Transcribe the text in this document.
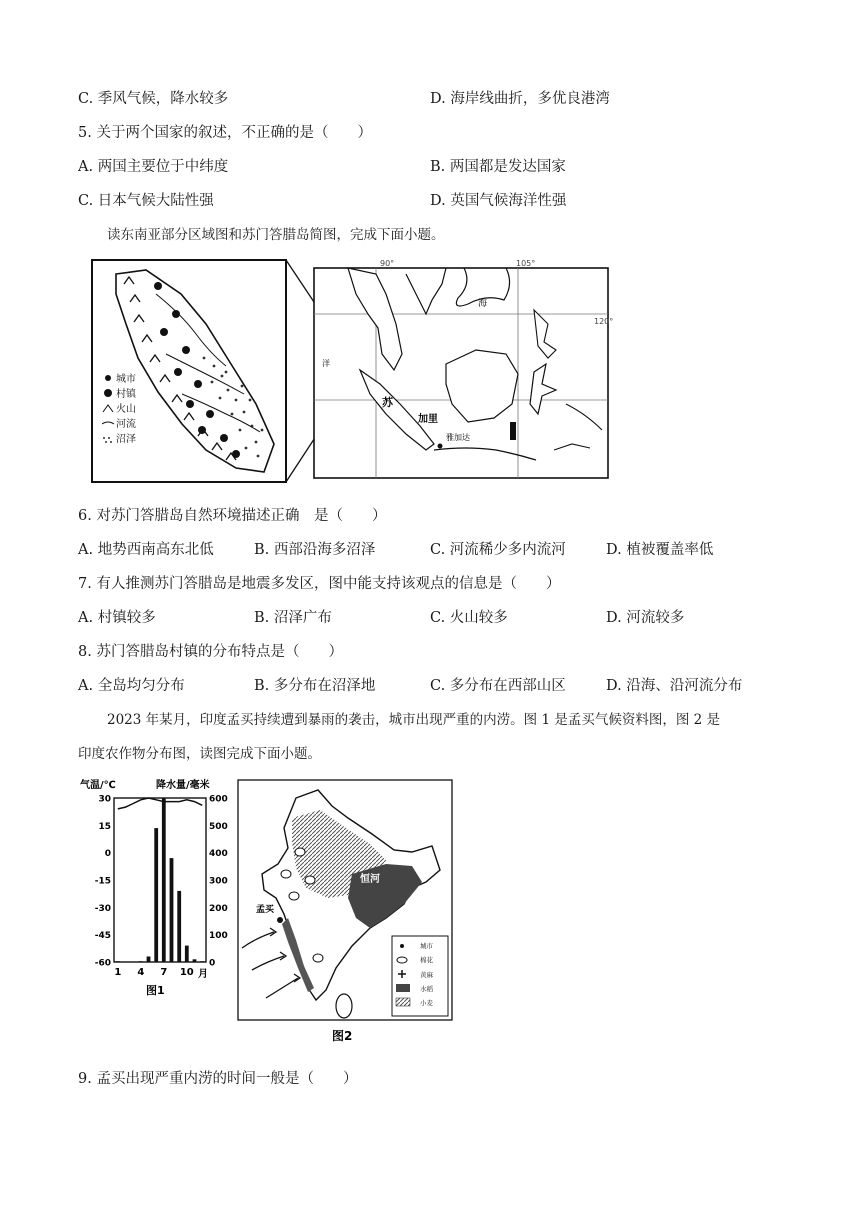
C. 季风气候，降水较多	D. 海岸线曲折，多优良港湾
5. 关于两个国家的叙述，不正确的是（　　）
A. 两国主要位于中纬度	B. 两国都是发达国家
C. 日本气候大陆性强	D. 英国气候海洋性强
读东南亚部分区域图和苏门答腊岛简图，完成下面小题。
城市
村镇
火山
河流
沼泽
90°	105°
120°
海
苏
加里
雅加达
洋
6. 对苏门答腊岛自然环境描述正确　是（　　）
A. 地势西南高东北低	B. 西部沿海多沼泽	C. 河流稀少多内流河	D. 植被覆盖率低
7. 有人推测苏门答腊岛是地震多发区，图中能支持该观点的信息是（　　）
A. 村镇较多	B. 沼泽广布	C. 火山较多	D. 河流较多
8. 苏门答腊岛村镇的分布特点是（　　）
A. 全岛均匀分布	B. 多分布在沼泽地	C. 多分布在西部山区	D. 沿海、沿河流分布
2023 年某月，印度孟买持续遭到暴雨的袭击，城市出现严重的内涝。图 1 是孟买气候资料图，图 2 是
印度农作物分布图，读图完成下面小题。
气温/℃	降水量/毫米
30
15
0
-15
-30
-45
-60
600
500
400
300
200
100
0
1 4 7 10 月
图1
孟买
恒河
城市
棉花
黄麻
水稻
小麦
图2
9. 孟买出现严重内涝的时间一般是（　　）
